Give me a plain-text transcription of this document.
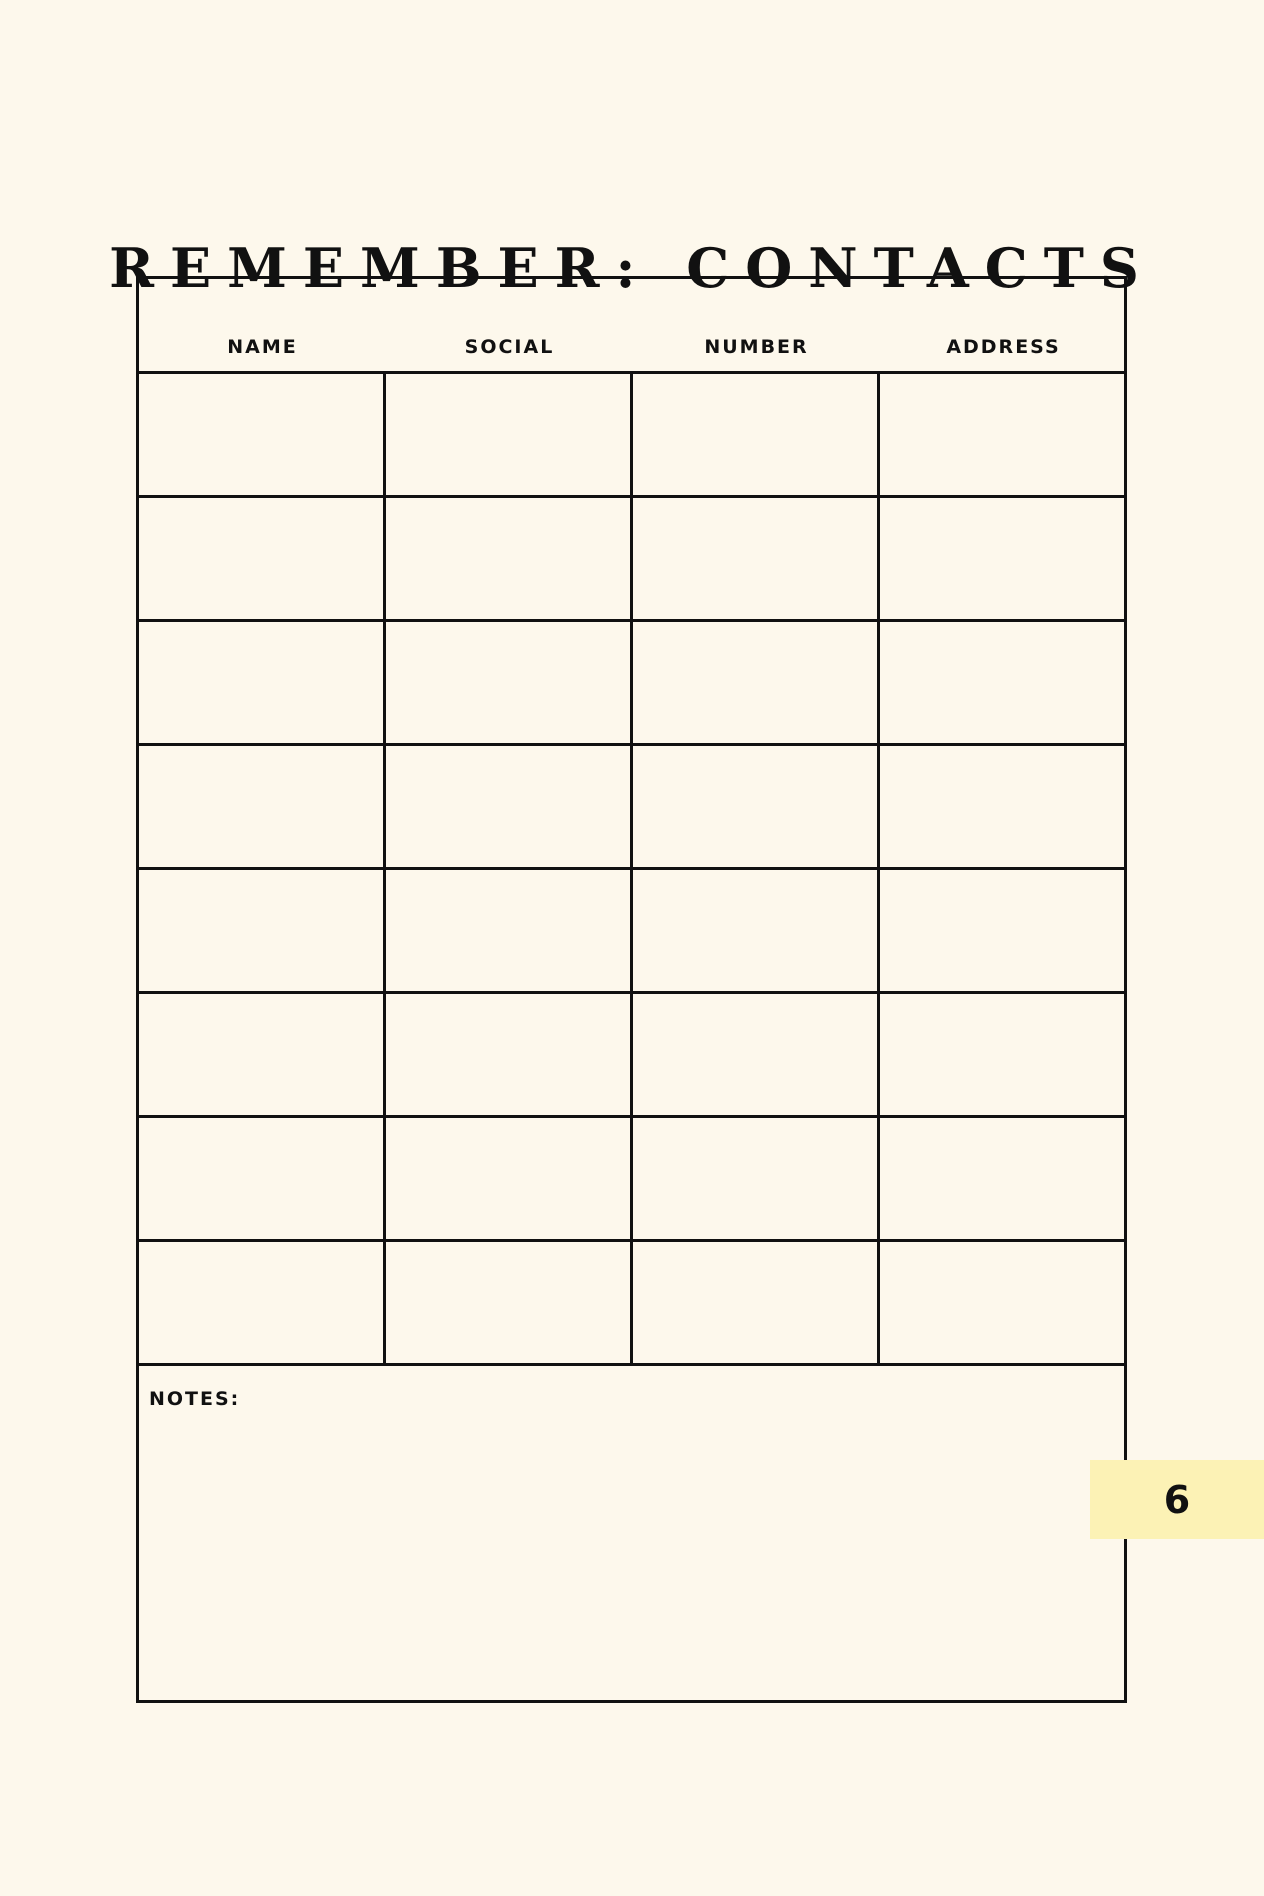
REMEMBER: CONTACTS
NAME	SOCIAL	NUMBER	ADDRESS
NOTES:
6
